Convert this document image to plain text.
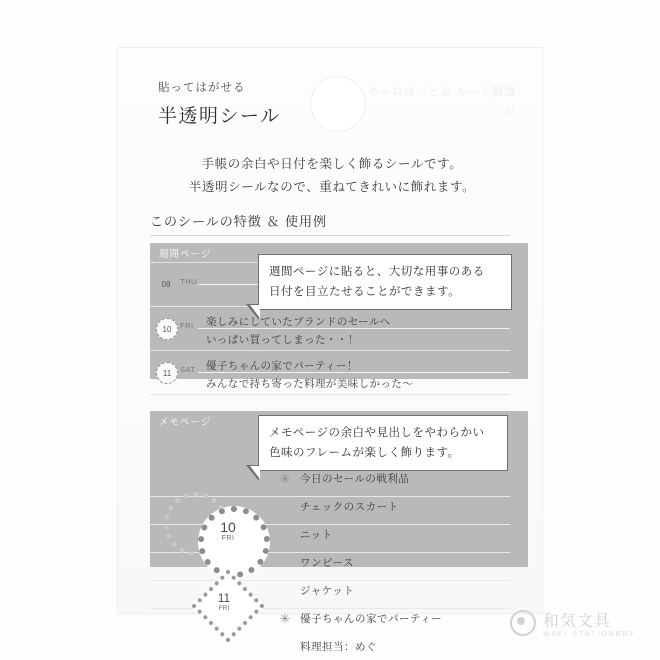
貼ってはがせる
半透明シール
ちゃねはっとぶ ルーぐ服透半
手帳の余白や日付を楽しく飾るシールです。
半透明シールなので、重ねてきれいに飾れます。
このシールの特徴 ＆ 使用例
週間ページ
09	THU
10	FRI 楽しみにしていたブランドのセールへ
いっぱい買ってしまった・・！
11	SAT 優子ちゃんの家でパーティー！
みんなで持ち寄った料理が美味しかった〜
週間ページに貼ると、大切な用事のある
日付を目立たせることができます。
メモページ
メモページの余白や見出しをやわらかい
色味のフレームが楽しく飾ります。
10
FRI
11
FRI
✳ 今日のセールの戦利品
チェックのスカート
ニット
ワンピース
ジャケット
✳ 優子ちゃんの家でパーティー
料理担当：めぐ
和気文具
WAKI STATIONERY
